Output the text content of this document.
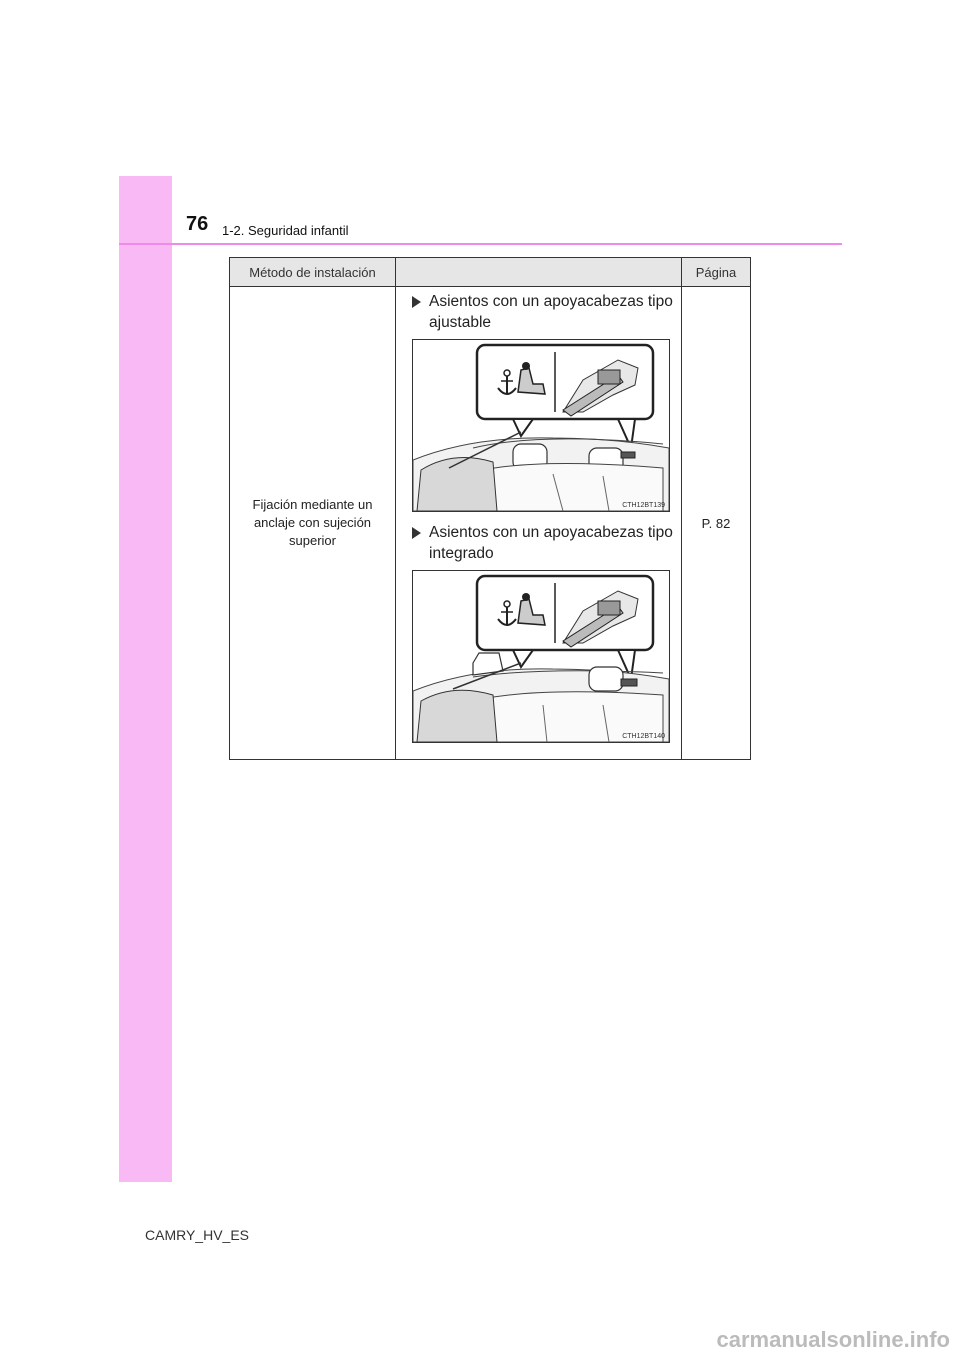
76 1-2. Seguridad infantil
Método de instalación		Página

Fijación mediante un anclaje con sujeción superior	Asientos con un apoyacabezas tipo ajustable
CTH12BT139
Asientos con un apoyacabezas tipo integrado
CTH12BT140	P. 82
CAMRY_HV_ES
carmanualsonline.info
